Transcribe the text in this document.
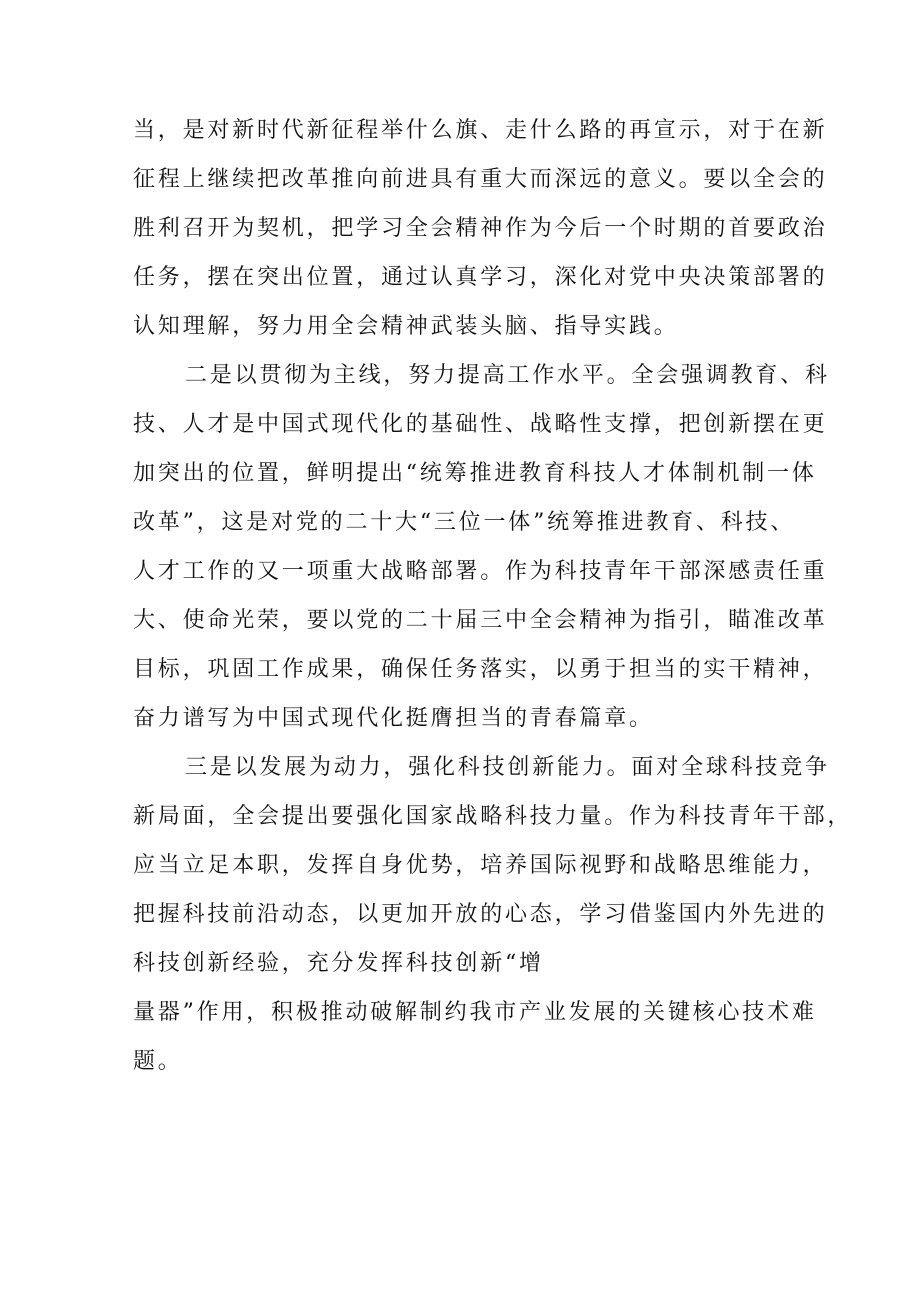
当，是对新时代新征程举什么旗、走什么路的再宣示，对于在新
征程上继续把改革推向前进具有重大而深远的意义。要以全会的
胜利召开为契机，把学习全会精神作为今后一个时期的首要政治
任务，摆在突出位置，通过认真学习，深化对党中央决策部署的
认知理解，努力用全会精神武装头脑、指导实践。
二是以贯彻为主线，努力提高工作水平。全会强调教育、科
技、人才是中国式现代化的基础性、战略性支撑，把创新摆在更
加突出的位置，鲜明提出“统筹推进教育科技人才体制机制一体
改革”，这是对党的二十大“三位一体”统筹推进教育、科技、
人才工作的又一项重大战略部署。作为科技青年干部深感责任重
大、使命光荣，要以党的二十届三中全会精神为指引，瞄准改革
目标，巩固工作成果，确保任务落实，以勇于担当的实干精神，
奋力谱写为中国式现代化挺膺担当的青春篇章。
三是以发展为动力，强化科技创新能力。面对全球科技竞争
新局面，全会提出要强化国家战略科技力量。作为科技青年干部，
应当立足本职，发挥自身优势，培养国际视野和战略思维能力，
把握科技前沿动态，以更加开放的心态，学习借鉴国内外先进的
科技创新经验，充分发挥科技创新“增
量器”作用，积极推动破解制约我市产业发展的关键核心技术难
题。
